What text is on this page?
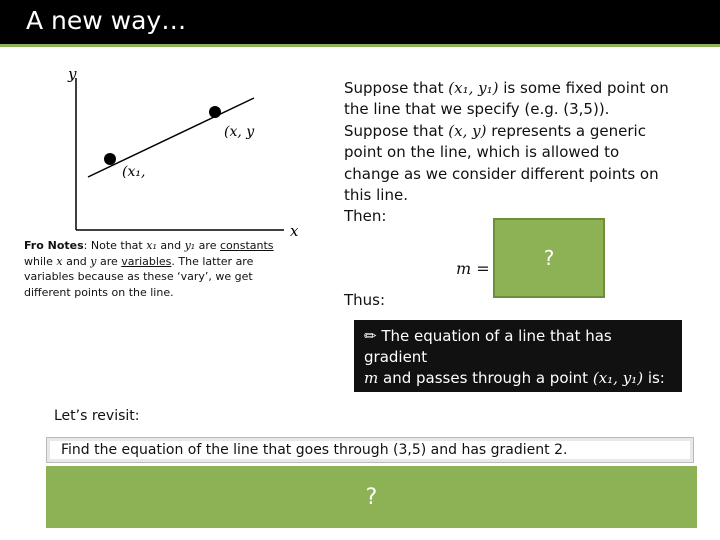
A new way…
y
x
(x, y
(x₁,
Fro Notes: Note that x₁ and y₁ are constants while x and y are variables. The latter are variables because as these ‘vary’, we get different points on the line.

Suppose that (x₁, y₁) is some fixed point on the line that we specify (e.g. (3,5)).

Suppose that (x, y) represents a generic point on the line, which is allowed to change as we consider different points on this line.

Then:

m =	?
Thus:
✏ The equation of a line that has gradient
m and passes through a point (x₁, y₁) is:
y − y₁ = m(x − x₁)
Let’s revisit:
Find the equation of the line that goes through (3,5) and has gradient 2.
?
